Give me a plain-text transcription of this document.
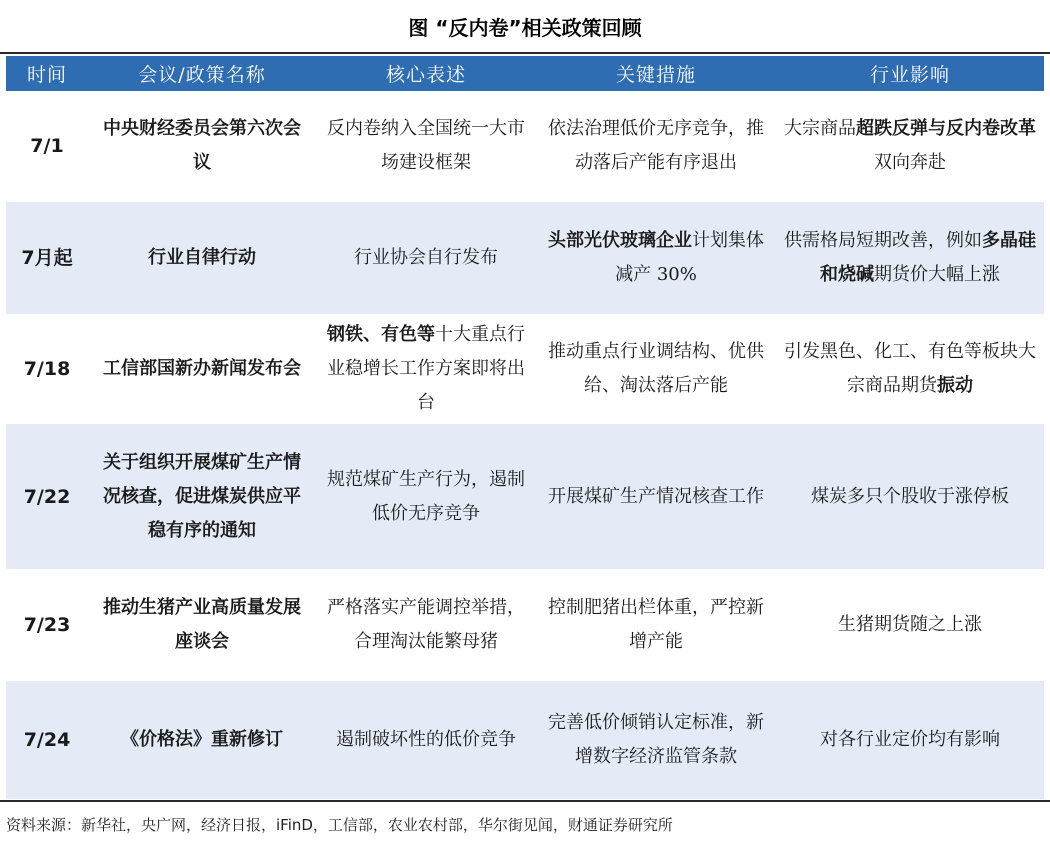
图 “反内卷”相关政策回顾
时间	会议/政策名称	核心表述	关键措施	行业影响
7/1	中央财经委员会第六次会议	反内卷纳入全国统一大市场建设框架	依法治理低价无序竞争，推动落后产能有序退出	大宗商品超跌反弹与反内卷改革双向奔赴
7月起	行业自律行动	行业协会自行发布	头部光伏玻璃企业计划集体减产 30%	供需格局短期改善，例如多晶硅和烧碱期货价大幅上涨
7/18	工信部国新办新闻发布会	钢铁、有色等十大重点行业稳增长工作方案即将出台	推动重点行业调结构、优供给、淘汰落后产能	引发黑色、化工、有色等板块大宗商品期货振动
7/22	关于组织开展煤矿生产情况核查，促进煤炭供应平稳有序的通知	规范煤矿生产行为，遏制低价无序竞争	开展煤矿生产情况核查工作	煤炭多只个股收于涨停板
7/23	推动生猪产业高质量发展座谈会	严格落实产能调控举措，合理淘汰能繁母猪	控制肥猪出栏体重，严控新增产能	生猪期货随之上涨
7/24	《价格法》重新修订	遏制破坏性的低价竞争	完善低价倾销认定标准，新增数字经济监管条款	对各行业定价均有影响
资料来源：新华社，央广网，经济日报，iFinD，工信部，农业农村部，华尔街见闻，财通证券研究所
